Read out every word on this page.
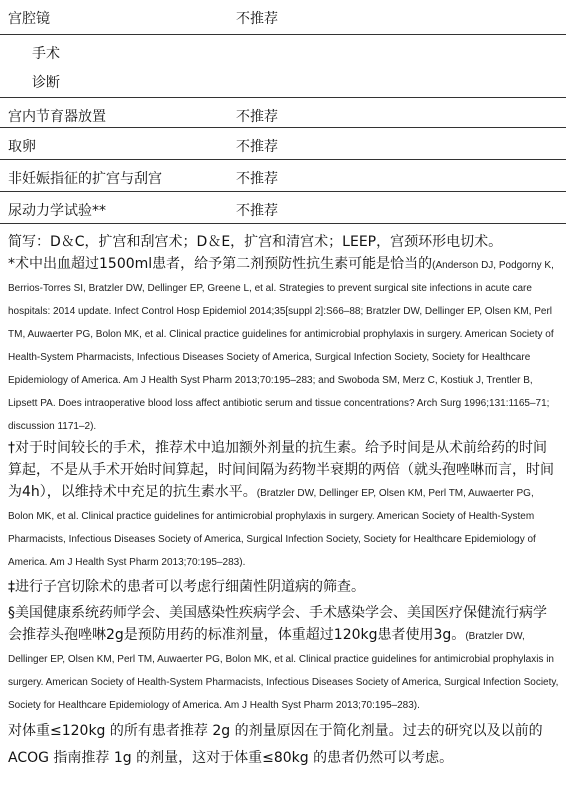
宫腔镜	不推荐
手术
诊断
宫内节育器放置	不推荐
取卵	不推荐
非妊娠指征的扩宫与刮宫	不推荐
尿动力学试验**	不推荐

简写：D＆C，扩宫和刮宫术；D＆E，扩宫和清宫术；LEEP，宫颈环形电切术。

*术中出血超过1500ml患者，给予第二剂预防性抗生素可能是恰当的(Anderson DJ, Podgorny K, Berrios-Torres SI, Bratzler DW, Dellinger EP, Greene L, et al. Strategies to prevent surgical site infections in acute care hospitals: 2014 update. Infect Control Hosp Epidemiol 2014;35[suppl 2]:S66–88; Bratzler DW, Dellinger EP, Olsen KM, Perl TM, Auwaerter PG, Bolon MK, et al. Clinical practice guidelines for antimicrobial prophylaxis in surgery. American Society of Health-System Pharmacists, Infectious Diseases Society of America, Surgical Infection Society, Society for Healthcare Epidemiology of America. Am J Health Syst Pharm 2013;70:195–283; and Swoboda SM, Merz C, Kostiuk J, Trentler B, Lipsett PA. Does intraoperative blood loss affect antibiotic serum and tissue concentrations? Arch Surg 1996;131:1165–71; discussion 1171–2).

†对于时间较长的手术，推荐术中追加额外剂量的抗生素。给予时间是从术前给药的时间算起，不是从手术开始时间算起，时间间隔为药物半衰期的两倍（就头孢唑啉而言，时间为4h），以维持术中充足的抗生素水平。(Bratzler DW, Dellinger EP, Olsen KM, Perl TM, Auwaerter PG, Bolon MK, et al. Clinical practice guidelines for antimicrobial prophylaxis in surgery. American Society of Health-System Pharmacists, Infectious Diseases Society of America, Surgical Infection Society, Society for Healthcare Epidemiology of America. Am J Health Syst Pharm 2013;70:195–283).

‡进行子宫切除术的患者可以考虑行细菌性阴道病的筛查。

§美国健康系统药师学会、美国感染性疾病学会、手术感染学会、美国医疗保健流行病学会推荐头孢唑啉2g是预防用药的标准剂量，体重超过120kg患者使用3g。(Bratzler DW, Dellinger EP, Olsen KM, Perl TM, Auwaerter PG, Bolon MK, et al. Clinical practice guidelines for antimicrobial prophylaxis in surgery. American Society of Health-System Pharmacists, Infectious Diseases Society of America, Surgical Infection Society, Society for Healthcare Epidemiology of America. Am J Health Syst Pharm 2013;70:195–283).

对体重≤120kg 的所有患者推荐 2g 的剂量原因在于简化剂量。过去的研究以及以前的 ACOG 指南推荐 1g 的剂量，这对于体重≤80kg 的患者仍然可以考虑。
